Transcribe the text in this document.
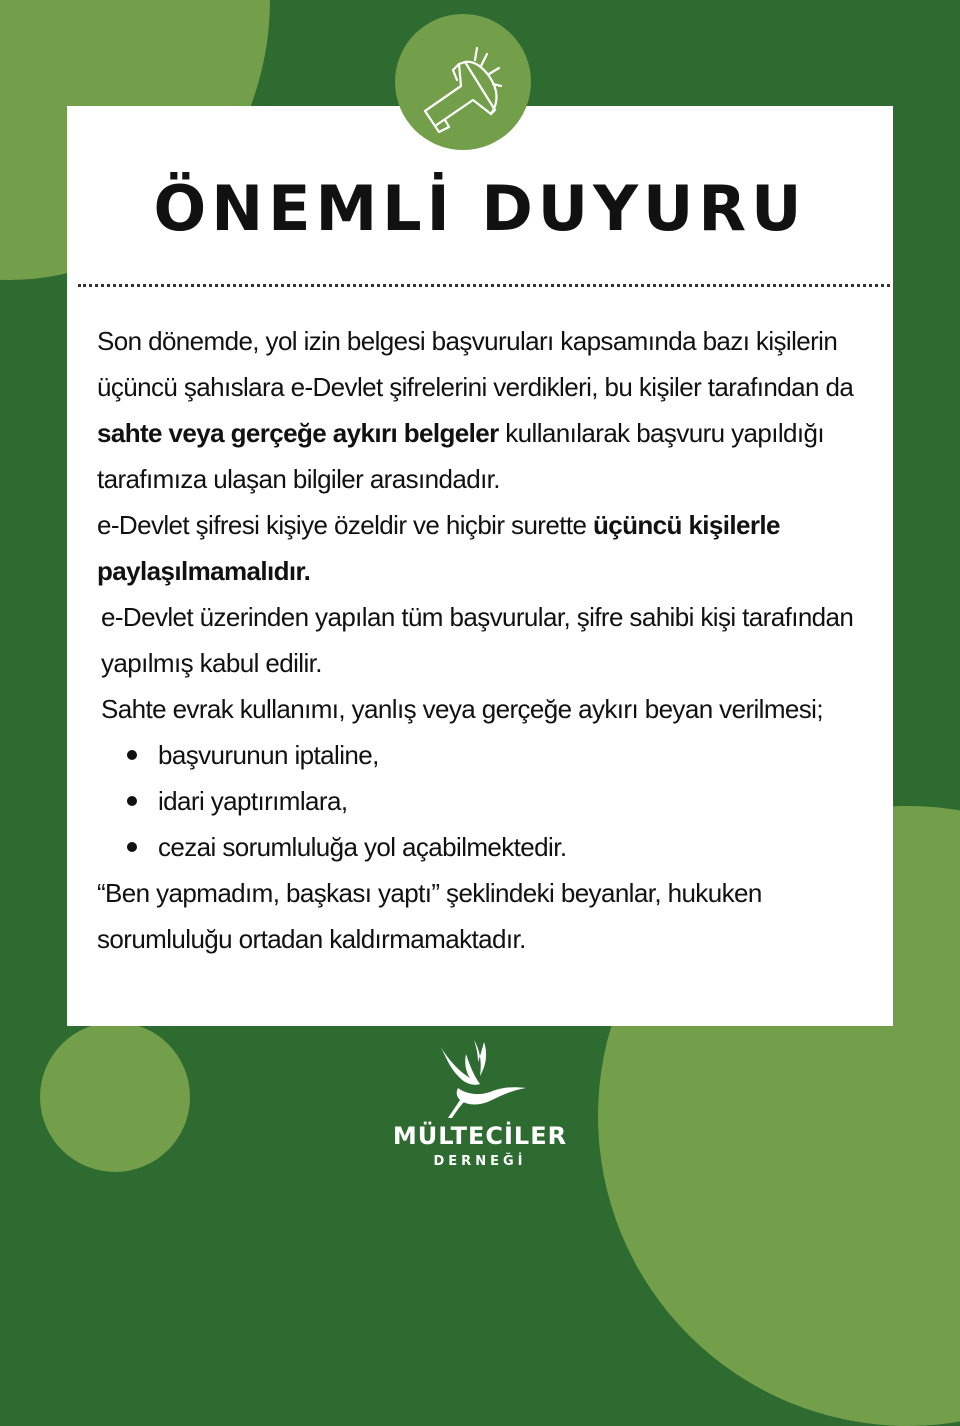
ÖNEMLİ DUYURU

Son dönemde, yol izin belgesi başvuruları kapsamında bazı kişilerin üçüncü şahıslara e-Devlet şifrelerini verdikleri, bu kişiler tarafından da sahte veya gerçeğe aykırı belgeler kullanılarak başvuru yapıldığı tarafımıza ulaşan bilgiler arasındadır.

e-Devlet şifresi kişiye özeldir ve hiçbir surette üçüncü kişilerle paylaşılmamalıdır.

e-Devlet üzerinden yapılan tüm başvurular, şifre sahibi kişi tarafından yapılmış kabul edilir.

Sahte evrak kullanımı, yanlış veya gerçeğe aykırı beyan verilmesi;

başvurunun iptaline,
idari yaptırımlara,
cezai sorumluluğa yol açabilmektedir.

“Ben yapmadım, başkası yaptı” şeklindeki beyanlar, hukuken sorumluluğu ortadan kaldırmamaktadır.

MÜLTECİLER
DERNEĞİ
